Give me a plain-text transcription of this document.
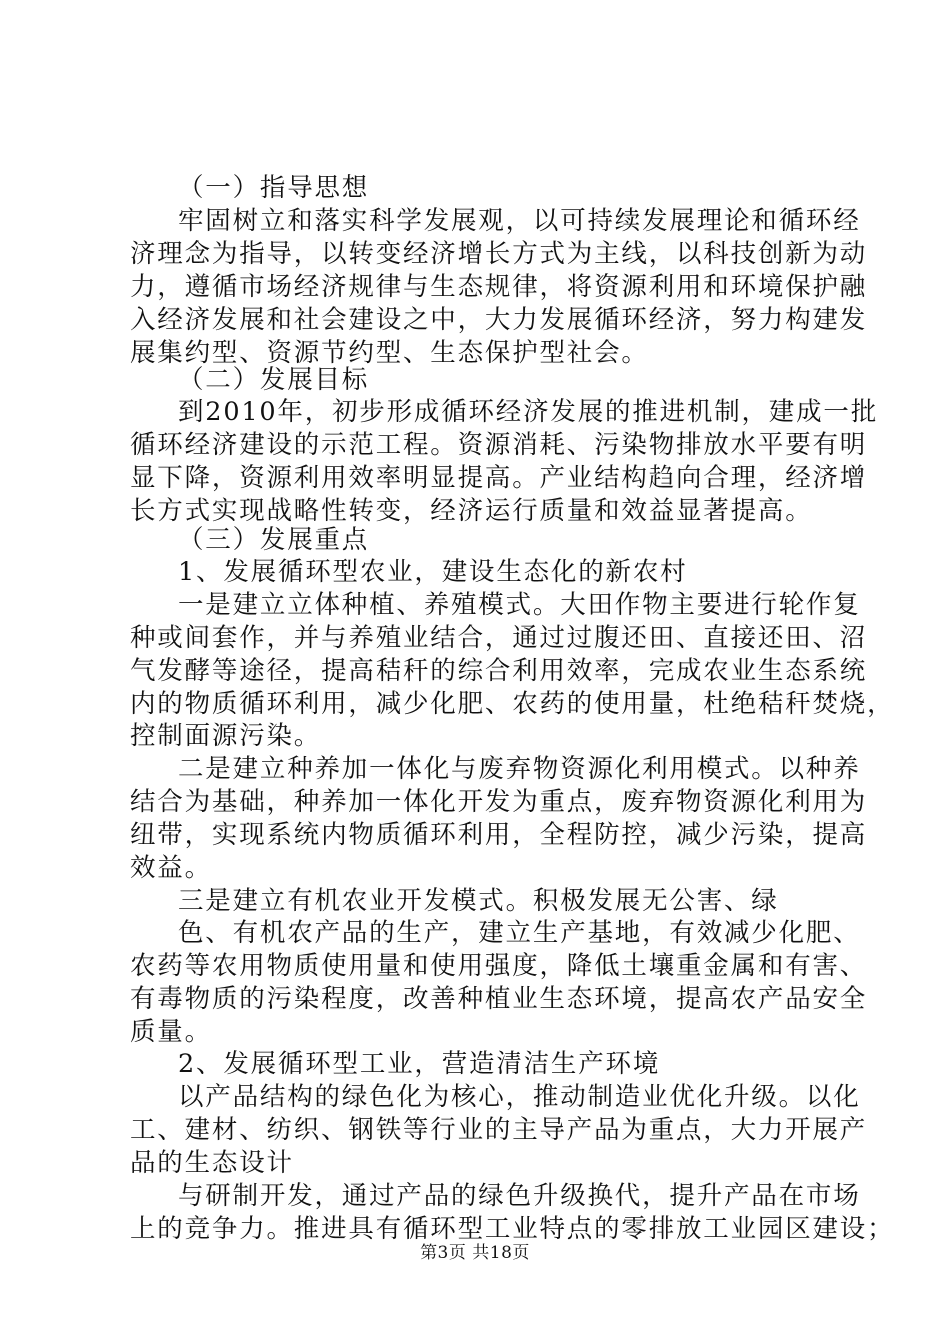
（一）指导思想
牢固树立和落实科学发展观，以可持续发展理论和循环经
济理念为指导，以转变经济增长方式为主线，以科技创新为动
力，遵循市场经济规律与生态规律，将资源利用和环境保护融
入经济发展和社会建设之中，大力发展循环经济，努力构建发
展集约型、资源节约型、生态保护型社会。
（二）发展目标
到2010年，初步形成循环经济发展的推进机制，建成一批
循环经济建设的示范工程。资源消耗、污染物排放水平要有明
显下降，资源利用效率明显提高。产业结构趋向合理，经济增
长方式实现战略性转变，经济运行质量和效益显著提高。
（三）发展重点
1、发展循环型农业，建设生态化的新农村
一是建立立体种植、养殖模式。大田作物主要进行轮作复
种或间套作，并与养殖业结合，通过过腹还田、直接还田、沼
气发酵等途径，提高秸秆的综合利用效率，完成农业生态系统
内的物质循环利用，减少化肥、农药的使用量，杜绝秸秆焚烧，
控制面源污染。
二是建立种养加一体化与废弃物资源化利用模式。以种养
结合为基础，种养加一体化开发为重点，废弃物资源化利用为
纽带，实现系统内物质循环利用，全程防控，减少污染，提高
效益。
三是建立有机农业开发模式。积极发展无公害、绿
色、有机农产品的生产，建立生产基地，有效减少化肥、
农药等农用物质使用量和使用强度，降低土壤重金属和有害、
有毒物质的污染程度，改善种植业生态环境，提高农产品安全
质量。
2、发展循环型工业，营造清洁生产环境
以产品结构的绿色化为核心，推动制造业优化升级。以化
工、建材、纺织、钢铁等行业的主导产品为重点，大力开展产
品的生态设计
与研制开发，通过产品的绿色升级换代，提升产品在市场
上的竞争力。推进具有循环型工业特点的零排放工业园区建设；
第3页 共18页
